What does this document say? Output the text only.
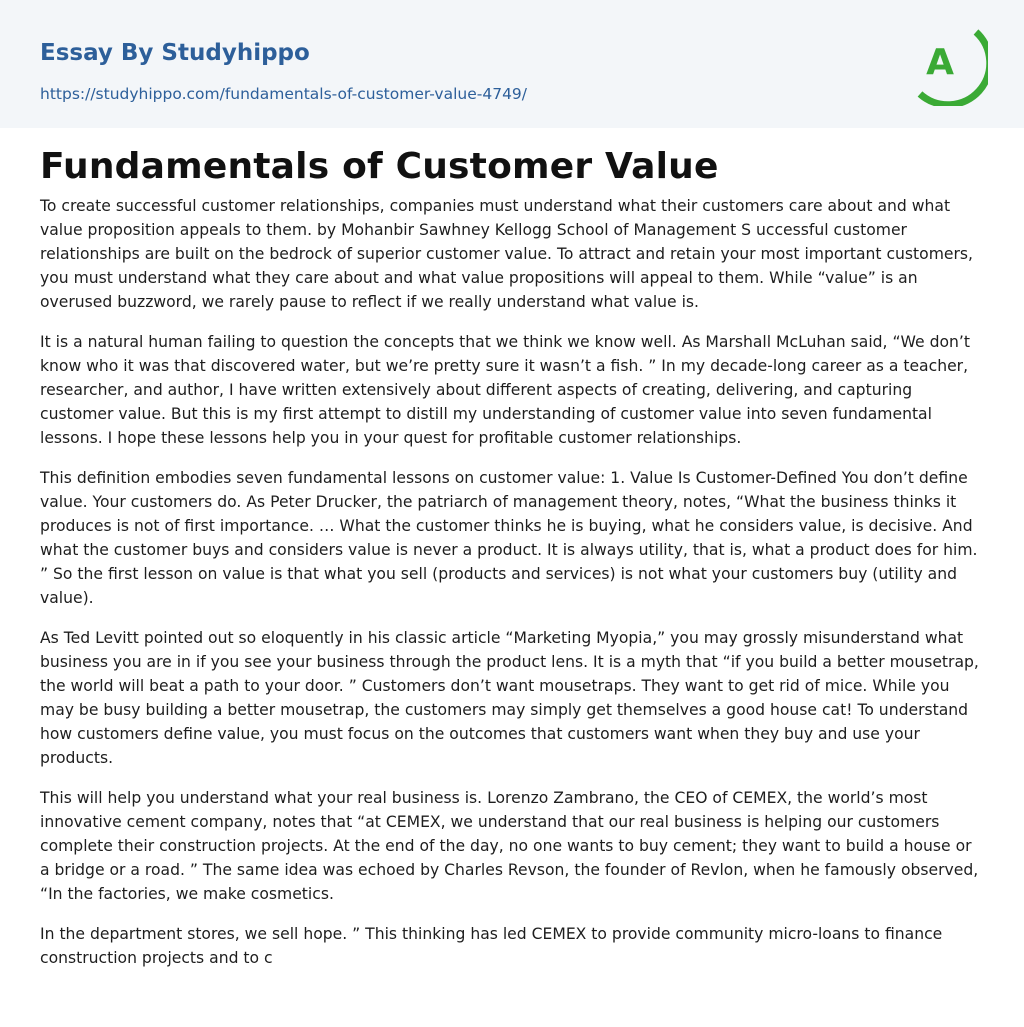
Essay By Studyhippo
https://studyhippo.com/fundamentals-of-customer-value-4749/
A
Fundamentals of Customer Value

To create successful customer relationships, companies must understand what their customers care about and what value proposition appeals to them. by Mohanbir Sawhney Kellogg School of Management S uccessful customer relationships are built on the bedrock of superior customer value. To attract and retain your most important customers, you must understand what they care about and what value propositions will appeal to them. While “value” is an overused buzzword, we rarely pause to reflect if we really understand what value is.

It is a natural human failing to question the concepts that we think we know well. As Marshall McLuhan said, “We don’t know who it was that discovered water, but we’re pretty sure it wasn’t a fish. ” In my decade-long career as a teacher, researcher, and author, I have written extensively about different aspects of creating, delivering, and capturing customer value. But this is my first attempt to distill my understanding of customer value into seven fundamental lessons. I hope these lessons help you in your quest for profitable customer relationships.

This definition embodies seven fundamental lessons on customer value: 1. Value Is Customer-Defined You don’t define value. Your customers do. As Peter Drucker, the patriarch of management theory, notes, “What the business thinks it produces is not of first importance. … What the customer thinks he is buying, what he considers value, is decisive. And what the customer buys and considers value is never a product. It is always utility, that is, what a product does for him. ” So the first lesson on value is that what you sell (products and services) is not what your customers buy (utility and value).

As Ted Levitt pointed out so eloquently in his classic article “Marketing Myopia,” you may grossly misunderstand what business you are in if you see your business through the product lens. It is a myth that “if you build a better mousetrap, the world will beat a path to your door. ” Customers don’t want mousetraps. They want to get rid of mice. While you may be busy building a better mousetrap, the customers may simply get themselves a good house cat! To understand how customers define value, you must focus on the outcomes that customers want when they buy and use your products.

This will help you understand what your real business is. Lorenzo Zambrano, the CEO of CEMEX, the world’s most innovative cement company, notes that “at CEMEX, we understand that our real business is helping our customers complete their construction projects. At the end of the day, no one wants to buy cement; they want to build a house or a bridge or a road. ” The same idea was echoed by Charles Revson, the founder of Revlon, when he famously observed, “In the factories, we make cosmetics.

In the department stores, we sell hope. ” This thinking has led CEMEX to provide community micro-loans to finance construction projects and to c
